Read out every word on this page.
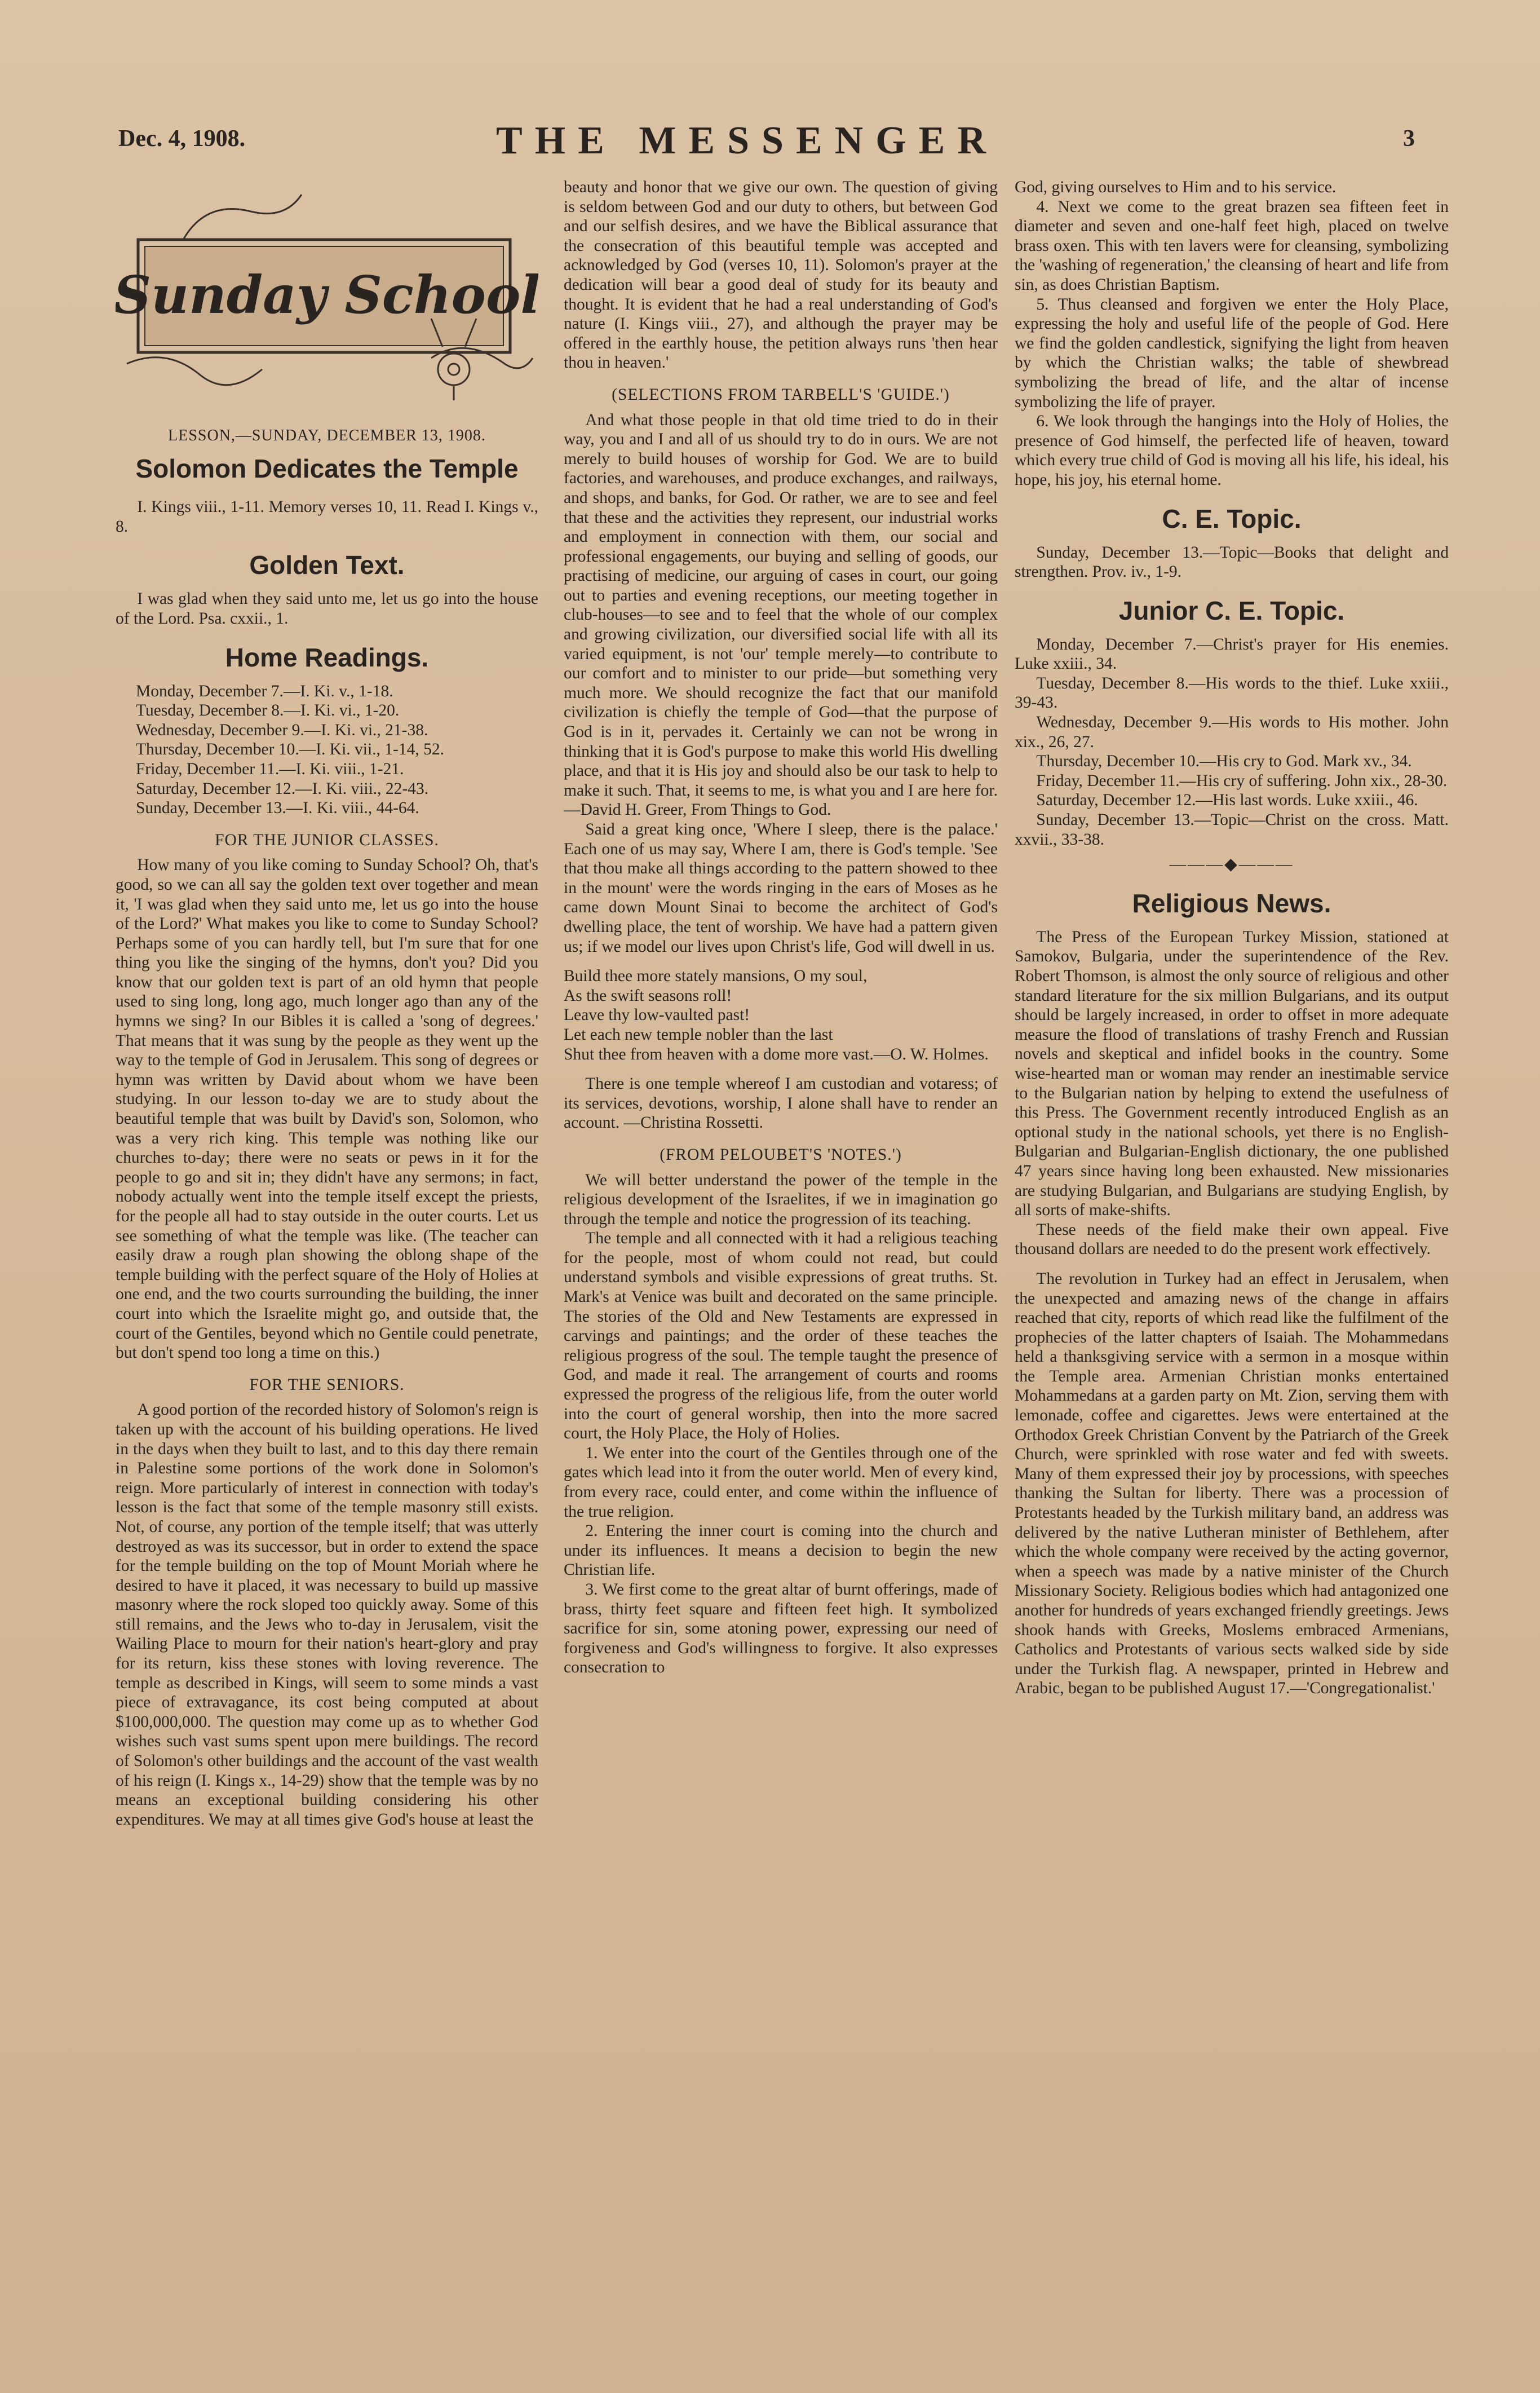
Dec. 4, 1908.	THE MESSENGER	3
Sunday School
LESSON,—SUNDAY, DECEMBER 13, 1908.
Solomon Dedicates the Temple

I. Kings viii., 1-11. Memory verses 10, 11. Read I. Kings v., 8.

Golden Text.

I was glad when they said unto me, let us go into the house of the Lord. Psa. cxxii., 1.

Home Readings.

Monday, December 7.—I. Ki. v., 1-18.

Tuesday, December 8.—I. Ki. vi., 1-20.

Wednesday, December 9.—I. Ki. vi., 21-38.

Thursday, December 10.—I. Ki. vii., 1-14, 52.

Friday, December 11.—I. Ki. viii., 1-21.

Saturday, December 12.—I. Ki. viii., 22-43.

Sunday, December 13.—I. Ki. viii., 44-64.

FOR THE JUNIOR CLASSES.

How many of you like coming to Sunday School? Oh, that's good, so we can all say the golden text over together and mean it, 'I was glad when they said unto me, let us go into the house of the Lord?' What makes you like to come to Sunday School? Perhaps some of you can hardly tell, but I'm sure that for one thing you like the singing of the hymns, don't you? Did you know that our golden text is part of an old hymn that people used to sing long, long ago, much longer ago than any of the hymns we sing? In our Bibles it is called a 'song of degrees.' That means that it was sung by the people as they went up the way to the temple of God in Jerusalem. This song of degrees or hymn was written by David about whom we have been studying. In our lesson to-day we are to study about the beautiful temple that was built by David's son, Solomon, who was a very rich king. This temple was nothing like our churches to-day; there were no seats or pews in it for the people to go and sit in; they didn't have any sermons; in fact, nobody actually went into the temple itself except the priests, for the people all had to stay outside in the outer courts. Let us see something of what the temple was like. (The teacher can easily draw a rough plan showing the oblong shape of the temple building with the perfect square of the Holy of Holies at one end, and the two courts surrounding the building, the inner court into which the Israelite might go, and outside that, the court of the Gentiles, beyond which no Gentile could penetrate, but don't spend too long a time on this.)

FOR THE SENIORS.

A good portion of the recorded history of Solomon's reign is taken up with the account of his building operations. He lived in the days when they built to last, and to this day there remain in Palestine some portions of the work done in Solomon's reign. More particularly of interest in connection with today's lesson is the fact that some of the temple masonry still exists. Not, of course, any portion of the temple itself; that was utterly destroyed as was its successor, but in order to extend the space for the temple building on the top of Mount Moriah where he desired to have it placed, it was necessary to build up massive masonry where the rock sloped too quickly away. Some of this still remains, and the Jews who to-day in Jerusalem, visit the Wailing Place to mourn for their nation's heart-glory and pray for its return, kiss these stones with loving reverence. The temple as described in Kings, will seem to some minds a vast piece of extravagance, its cost being computed at about $100,000,000. The question may come up as to whether God wishes such vast sums spent upon mere buildings. The record of Solomon's other buildings and the account of the vast wealth of his reign (I. Kings x., 14-29) show that the temple was by no means an exceptional building considering his other expenditures. We may at all times give God's house at least the

beauty and honor that we give our own. The question of giving is seldom between God and our duty to others, but between God and our selfish desires, and we have the Biblical assurance that the consecration of this beautiful temple was accepted and acknowledged by God (verses 10, 11). Solomon's prayer at the dedication will bear a good deal of study for its beauty and thought. It is evident that he had a real understanding of God's nature (I. Kings viii., 27), and although the prayer may be offered in the earthly house, the petition always runs 'then hear thou in heaven.'

(SELECTIONS FROM TARBELL'S 'GUIDE.')

And what those people in that old time tried to do in their way, you and I and all of us should try to do in ours. We are not merely to build houses of worship for God. We are to build factories, and warehouses, and produce exchanges, and railways, and shops, and banks, for God. Or rather, we are to see and feel that these and the activities they represent, our industrial works and employment in connection with them, our social and professional engagements, our buying and selling of goods, our practising of medicine, our arguing of cases in court, our going out to parties and evening receptions, our meeting together in club-houses—to see and to feel that the whole of our complex and growing civilization, our diversified social life with all its varied equipment, is not 'our' temple merely—to contribute to our comfort and to minister to our pride—but something very much more. We should recognize the fact that our manifold civilization is chiefly the temple of God—that the purpose of God is in it, pervades it. Certainly we can not be wrong in thinking that it is God's purpose to make this world His dwelling place, and that it is His joy and should also be our task to help to make it such. That, it seems to me, is what you and I are here for.—David H. Greer, From Things to God.

Said a great king once, 'Where I sleep, there is the palace.' Each one of us may say, Where I am, there is God's temple. 'See that thou make all things according to the pattern showed to thee in the mount' were the words ringing in the ears of Moses as he came down Mount Sinai to become the architect of God's dwelling place, the tent of worship. We have had a pattern given us; if we model our lives upon Christ's life, God will dwell in us.

Build thee more stately mansions, O my soul,

As the swift seasons roll!

Leave thy low-vaulted past!

Let each new temple nobler than the last

Shut thee from heaven with a dome more vast.—O. W. Holmes.

There is one temple whereof I am custodian and votaress; of its services, devotions, worship, I alone shall have to render an account. —Christina Rossetti.

(FROM PELOUBET'S 'NOTES.')

We will better understand the power of the temple in the religious development of the Israelites, if we in imagination go through the temple and notice the progression of its teaching.

The temple and all connected with it had a religious teaching for the people, most of whom could not read, but could understand symbols and visible expressions of great truths. St. Mark's at Venice was built and decorated on the same principle. The stories of the Old and New Testaments are expressed in carvings and paintings; and the order of these teaches the religious progress of the soul. The temple taught the presence of God, and made it real. The arrangement of courts and rooms expressed the progress of the religious life, from the outer world into the court of general worship, then into the more sacred court, the Holy Place, the Holy of Holies.

1. We enter into the court of the Gentiles through one of the gates which lead into it from the outer world. Men of every kind, from every race, could enter, and come within the influence of the true religion.

2. Entering the inner court is coming into the church and under its influences. It means a decision to begin the new Christian life.

3. We first come to the great altar of burnt offerings, made of brass, thirty feet square and fifteen feet high. It symbolized sacrifice for sin, some atoning power, expressing our need of forgiveness and God's willingness to forgive. It also expresses consecration to

God, giving ourselves to Him and to his service.

4. Next we come to the great brazen sea fifteen feet in diameter and seven and one-half feet high, placed on twelve brass oxen. This with ten lavers were for cleansing, symbolizing the 'washing of regeneration,' the cleansing of heart and life from sin, as does Christian Baptism.

5. Thus cleansed and forgiven we enter the Holy Place, expressing the holy and useful life of the people of God. Here we find the golden candlestick, signifying the light from heaven by which the Christian walks; the table of shewbread symbolizing the bread of life, and the altar of incense symbolizing the life of prayer.

6. We look through the hangings into the Holy of Holies, the presence of God himself, the perfected life of heaven, toward which every true child of God is moving all his life, his ideal, his hope, his joy, his eternal home.

C. E. Topic.

Sunday, December 13.—Topic—Books that delight and strengthen. Prov. iv., 1-9.

Junior C. E. Topic.

Monday, December 7.—Christ's prayer for His enemies. Luke xxiii., 34.

Tuesday, December 8.—His words to the thief. Luke xxiii., 39-43.

Wednesday, December 9.—His words to His mother. John xix., 26, 27.

Thursday, December 10.—His cry to God. Mark xv., 34.

Friday, December 11.—His cry of suffering. John xix., 28-30.

Saturday, December 12.—His last words. Luke xxiii., 46.

Sunday, December 13.—Topic—Christ on the cross. Matt. xxvii., 33-38.

———◆———
Religious News.

The Press of the European Turkey Mission, stationed at Samokov, Bulgaria, under the superintendence of the Rev. Robert Thomson, is almost the only source of religious and other standard literature for the six million Bulgarians, and its output should be largely increased, in order to offset in more adequate measure the flood of translations of trashy French and Russian novels and skeptical and infidel books in the country. Some wise-hearted man or woman may render an inestimable service to the Bulgarian nation by helping to extend the usefulness of this Press. The Government recently introduced English as an optional study in the national schools, yet there is no English-Bulgarian and Bulgarian-English dictionary, the one published 47 years since having long been exhausted. New missionaries are studying Bulgarian, and Bulgarians are studying English, by all sorts of make-shifts.

These needs of the field make their own appeal. Five thousand dollars are needed to do the present work effectively.

The revolution in Turkey had an effect in Jerusalem, when the unexpected and amazing news of the change in affairs reached that city, reports of which read like the fulfilment of the prophecies of the latter chapters of Isaiah. The Mohammedans held a thanksgiving service with a sermon in a mosque within the Temple area. Armenian Christian monks entertained Mohammedans at a garden party on Mt. Zion, serving them with lemonade, coffee and cigarettes. Jews were entertained at the Orthodox Greek Christian Convent by the Patriarch of the Greek Church, were sprinkled with rose water and fed with sweets. Many of them expressed their joy by processions, with speeches thanking the Sultan for liberty. There was a procession of Protestants headed by the Turkish military band, an address was delivered by the native Lutheran minister of Bethlehem, after which the whole company were received by the acting governor, when a speech was made by a native minister of the Church Missionary Society. Religious bodies which had antagonized one another for hundreds of years exchanged friendly greetings. Jews shook hands with Greeks, Moslems embraced Armenians, Catholics and Protestants of various sects walked side by side under the Turkish flag. A newspaper, printed in Hebrew and Arabic, began to be published August 17.—'Congregationalist.'
